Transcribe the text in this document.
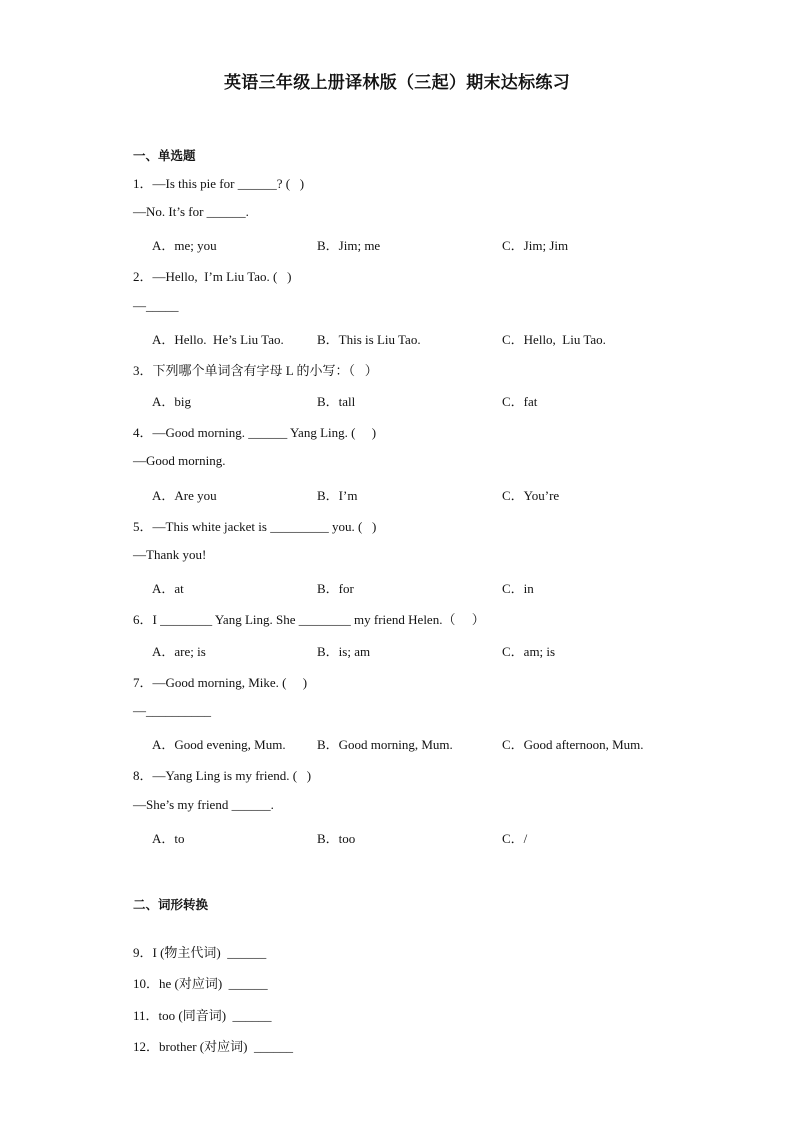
英语三年级上册译林版（三起）期末达标练习
一、单选题
1．—Is this pie for ______? (   )
—No. It’s for ______.
A．me; you	B．Jim; me	C．Jim; Jim
2．—Hello,  I’m Liu Tao. (   )
—_____
A．Hello.  He’s Liu Tao.	B．This is Liu Tao.	C．Hello,  Liu Tao.
3．下列哪个单词含有字母 L 的小写：（   ）
A．big	B．tall	C．fat
4．—Good morning. ______ Yang Ling. (     )
—Good morning.
A．Are you	B．I’m	C．You’re
5．—This white jacket is _________ you. (   )
—Thank you!
A．at	B．for	C．in
6．I ________ Yang Ling. She ________ my friend Helen.（     ）
A．are; is	B．is; am	C．am; is
7．—Good morning, Mike. (     )
—__________
A．Good evening, Mum. B．Good morning, Mum.	C．Good afternoon, Mum.
8．—Yang Ling is my friend. (   )
—She’s my friend ______.
A．to	B．too	C．/
二、词形转换
9．I (物主代词)  ______
10．he (对应词)  ______
11．too (同音词)  ______
12．brother (对应词)  ______
